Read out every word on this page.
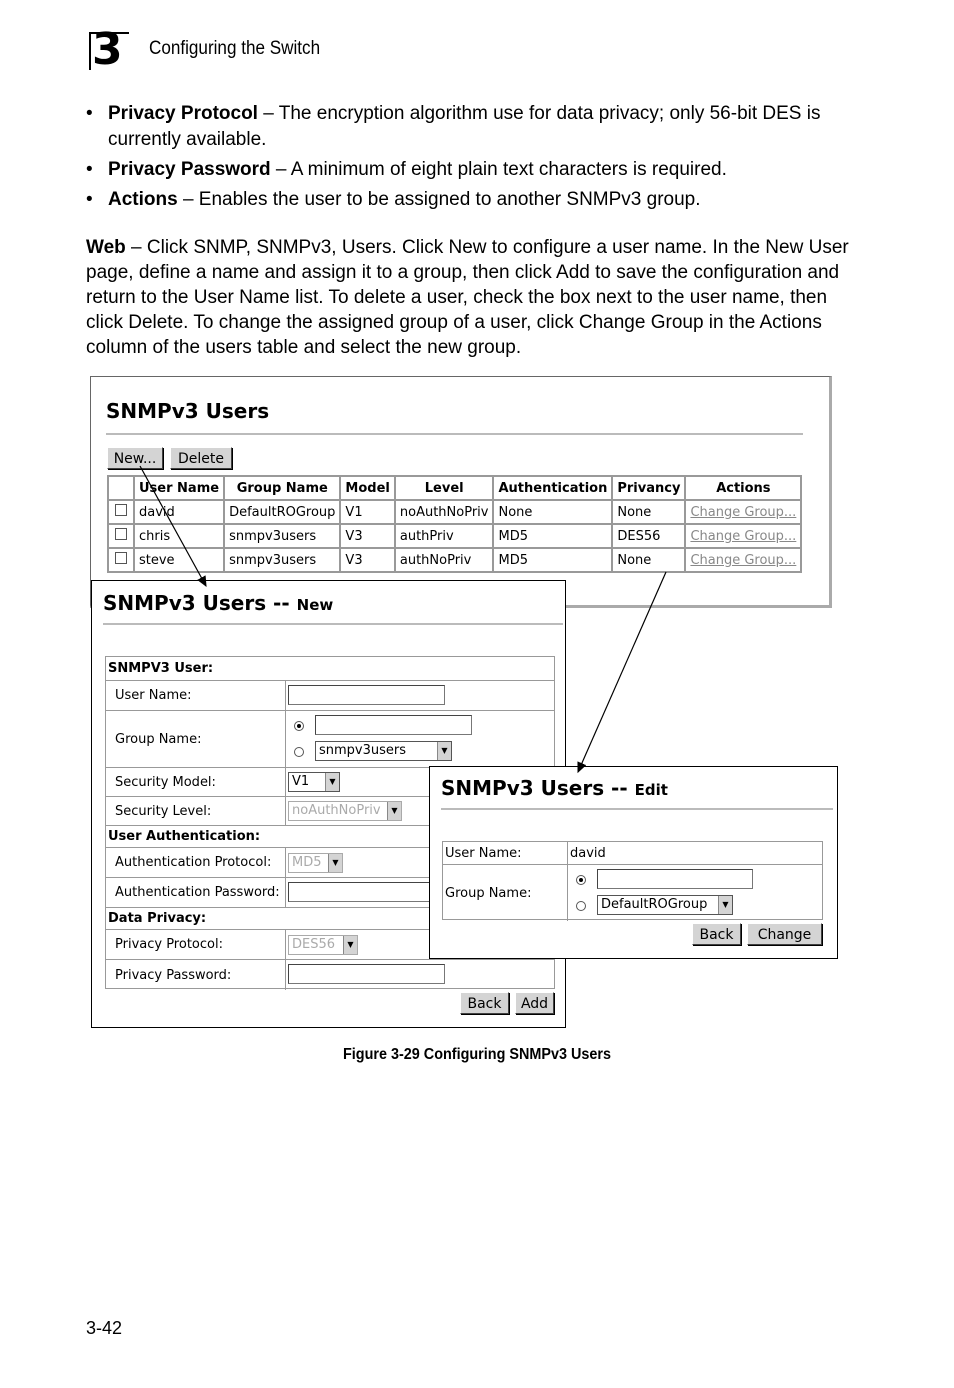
3 Configuring the Switch
• Privacy Protocol – The encryption algorithm use for data privacy; only 56-bit DES is currently available.
• Privacy Password – A minimum of eight plain text characters is required.
• Actions – Enables the user to be assigned to another SNMPv3 group.
Web – Click SNMP, SNMPv3, Users. Click New to configure a user name. In the New User page, define a name and assign it to a group, then click Add to save the configuration and return to the User Name list. To delete a user, check the box next to the user name, then click Delete. To change the assigned group of a user, click Change Group in the Actions column of the users table and select the new group.
SNMPv3 Users
New...	Delete
	User Name	Group Name	Model	Level	Authentication	Privancy	Actions
	david	DefaultROGroup	V1	noAuthNoPriv	None	None	Change Group...
	chris	snmpv3users	V3	authPriv	MD5	DES56	Change Group...
	steve	snmpv3users	V3	authNoPriv	MD5	None	Change Group...
SNMPv3 Users -- New
SNMPV3 User:
User Name:
Group Name:
snmpv3users	▼
Security Model:	V1	▼
Security Level:	noAuthNoPriv	▼
User Authentication:
Authentication Protocol:	MD5	▼
Authentication Password:
Data Privacy:
Privacy Protocol:	DES56	▼
Privacy Password:
Back	Add
SNMPv3 Users -- Edit
User Name:	david
Group Name:
DefaultROGroup	▼
Back	Change
Figure 3-29 Configuring SNMPv3 Users
3-42
